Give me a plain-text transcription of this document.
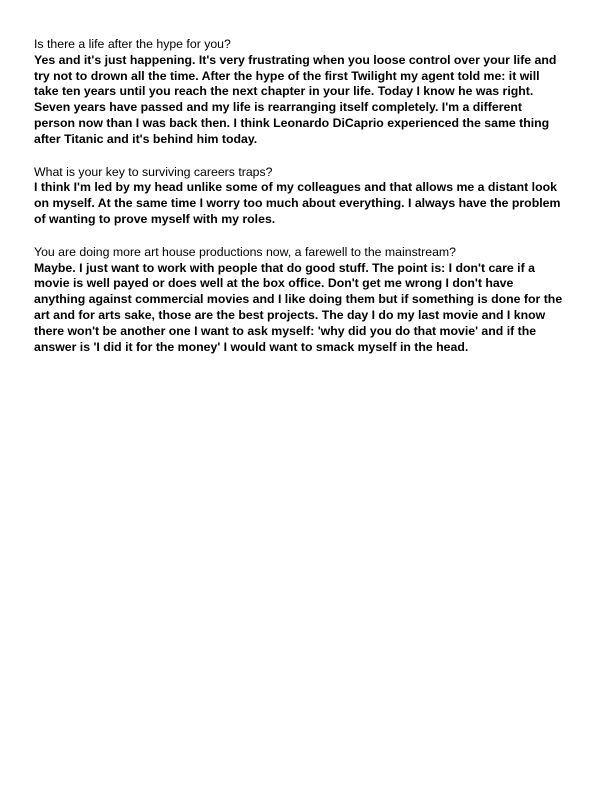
Is there a life after the hype for you?

Yes and it's just happening. It's very frustrating when you loose control over your life and try not to drown all the time. After the hype of the first Twilight my agent told me: it will take ten years until you reach the next chapter in your life. Today I know he was right. Seven years have passed and my life is rearranging itself completely. I'm a different person now than I was back then. I think Leonardo DiCaprio experienced the same thing after Titanic and it's behind him today.

What is your key to surviving careers traps?

I think I'm led by my head unlike some of my colleagues and that allows me a distant look on myself. At the same time I worry too much about everything. I always have the problem of wanting to prove myself with my roles.

You are doing more art house productions now, a farewell to the mainstream?

Maybe. I just want to work with people that do good stuff. The point is: I don't care if a movie is well payed or does well at the box office. Don't get me wrong I don't have anything against commercial movies and I like doing them but if something is done for the art and for arts sake, those are the best projects. The day I do my last movie and I know there won't be another one I want to ask myself: 'why did you do that movie' and if the answer is 'I did it for the money' I would want to smack myself in the head.
